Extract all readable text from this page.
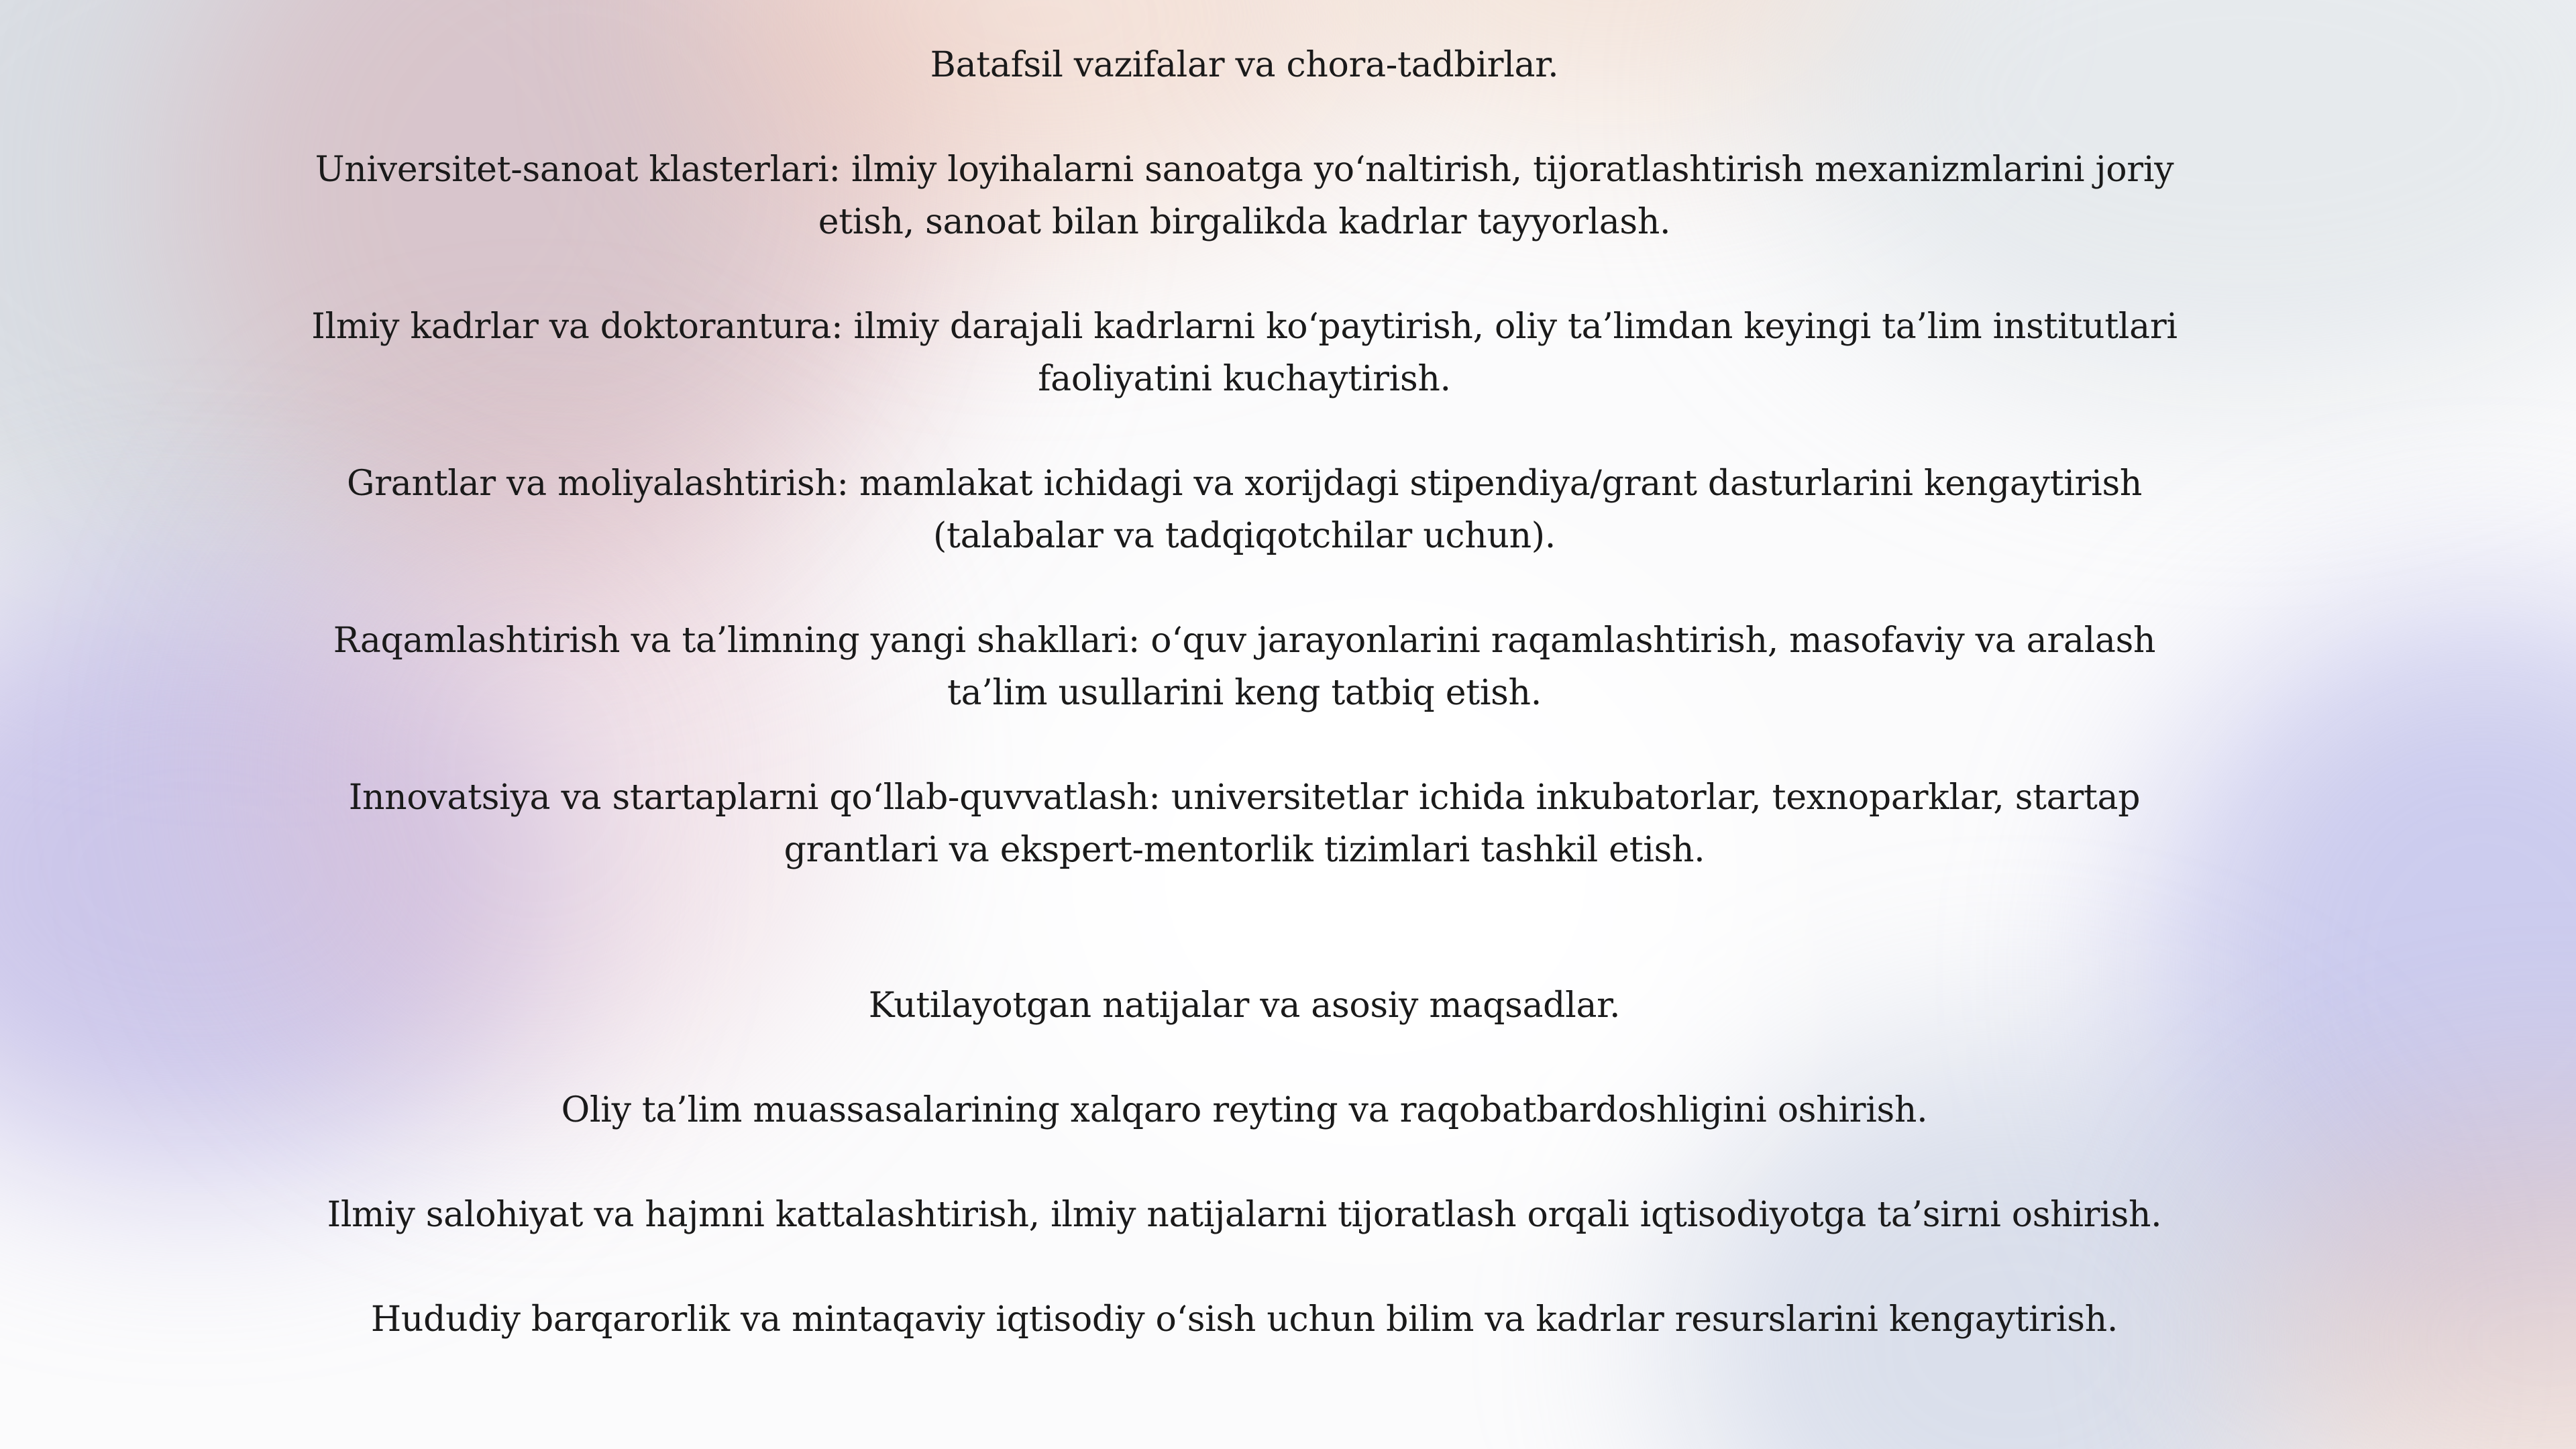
Batafsil vazifalar va chora-tadbirlar.

Universitet-sanoat klasterlari: ilmiy loyihalarni sanoatga yo‘naltirish, tijoratlashtirish mexanizmlarini joriy etish, sanoat bilan birgalikda kadrlar tayyorlash.

Ilmiy kadrlar va doktorantura: ilmiy darajali kadrlarni ko‘paytirish, oliy ta’limdan keyingi ta’lim institutlari faoliyatini kuchaytirish.

Grantlar va moliyalashtirish: mamlakat ichidagi va xorijdagi stipendiya/grant dasturlarini kengaytirish (talabalar va tadqiqotchilar uchun).

Raqamlashtirish va ta’limning yangi shakllari: o‘quv jarayonlarini raqamlashtirish, masofaviy va aralash ta’lim usullarini keng tatbiq etish.

Innovatsiya va startaplarni qo‘llab-quvvatlash: universitetlar ichida inkubatorlar, texnoparklar, startap grantlari va ekspert-mentorlik tizimlari tashkil etish.

Kutilayotgan natijalar va asosiy maqsadlar.

Oliy ta’lim muassasalarining xalqaro reyting va raqobatbardoshligini oshirish.

Ilmiy salohiyat va hajmni kattalashtirish, ilmiy natijalarni tijoratlash orqali iqtisodiyotga ta’sirni oshirish.

Hududiy barqarorlik va mintaqaviy iqtisodiy o‘sish uchun bilim va kadrlar resurslarini kengaytirish.
